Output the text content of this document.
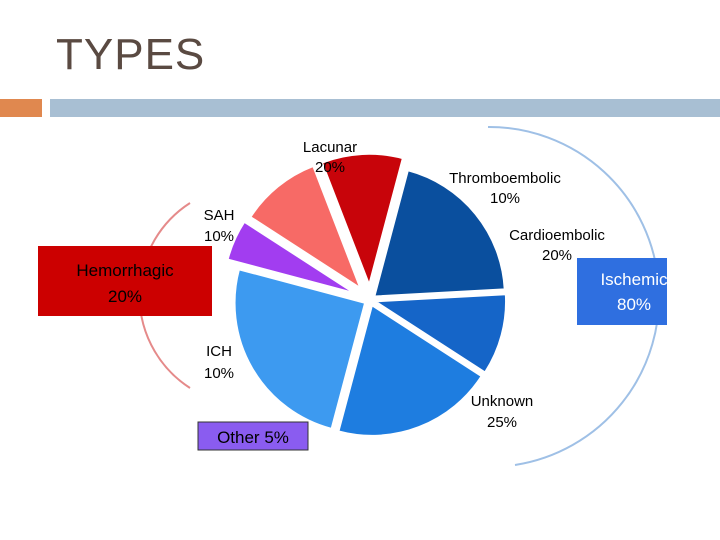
TYPES
Lacunar
20%
Thromboembolic
10%
Cardioembolic
20%
Unknown
25%
SAH
10%
ICH
10%
Ischemic
80%
Hemorrhagic
20%
Other 5%
